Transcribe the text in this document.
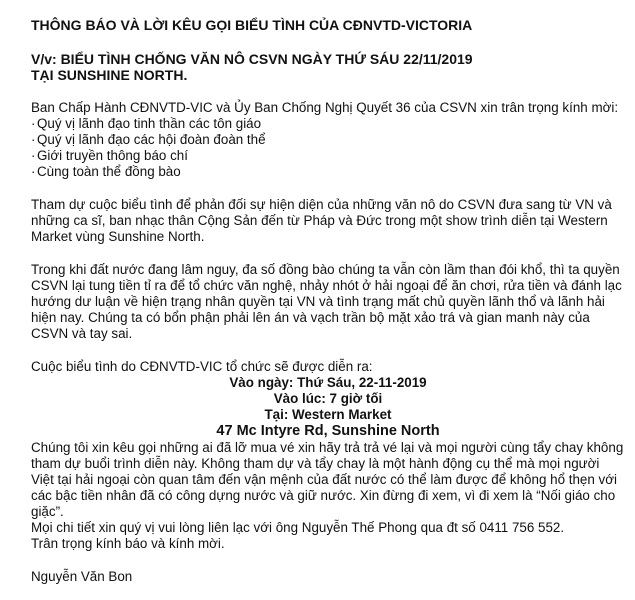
THÔNG BÁO VÀ LỜI KÊU GỌI BIỂU TÌNH CỦA CĐNVTD-VICTORIA

V/v: BIỂU TÌNH CHỐNG VĂN NÔ CSVN NGÀY THỨ SÁU 22/11/2019
TẠI SUNSHINE NORTH.
Ban Chấp Hành CĐNVTD-VIC và Ủy Ban Chống Nghị Quyết 36 của CSVN xin trân trọng kính mời:
· Quý vị lãnh đạo tinh thần các tôn giáo
· Quý vị lãnh đạo các hội đoàn đoàn thể
· Giới truyền thông báo chí
· Cùng toàn thể đồng bào

Tham dự cuộc biểu tình để phản đối sự hiện diện của những văn nô do CSVN đưa sang từ VN và những ca sĩ, ban nhạc thân Cộng Sản đến từ Pháp và Đức trong một show trình diễn tại Western Market vùng Sunshine North.

Trong khi đất nước đang lâm nguy, đa số đồng bào chúng ta vẫn còn lầm than đói khổ, thì ta quyền CSVN lại tung tiền tỉ ra để tổ chức văn nghệ, nhảy nhót ở hải ngoại để ăn chơi, rửa tiền và đánh lạc hướng dư luận về hiện trạng nhân quyền tại VN và tình trạng mất chủ quyền lãnh thổ và lãnh hải hiện nay. Chúng ta có bổn phận phải lên án và vạch trần bộ mặt xảo trá và gian manh này của CSVN và tay sai.

Cuộc biểu tình do CĐNVTD-VIC tổ chức sẽ được diễn ra:
Vào ngày: Thứ Sáu, 22-11-2019
Vào lúc: 7 giờ tối
Tại: Western Market
47 Mc Intyre Rd, Sunshine North

Chúng tôi xin kêu gọi những ai đã lỡ mua vé xin hãy trả trả vé lại và mọi người cùng tẩy chay không tham dự buổi trình diễn này. Không tham dự và tẩy chay là một hành động cụ thể mà mọi người Việt tại hải ngoại còn quan tâm đến vận mệnh của đất nước có thể làm được để không hổ thẹn với các bậc tiền nhân đã có công dựng nước và giữ nước. Xin đừng đi xem, vì đi xem là “Nối giáo cho giặc”.

Mọi chi tiết xin quý vị vui lòng liên lạc với ông Nguyễn Thế Phong qua đt số 0411 756 552.

Trân trọng kính báo và kính mời.

Nguyễn Văn Bon
